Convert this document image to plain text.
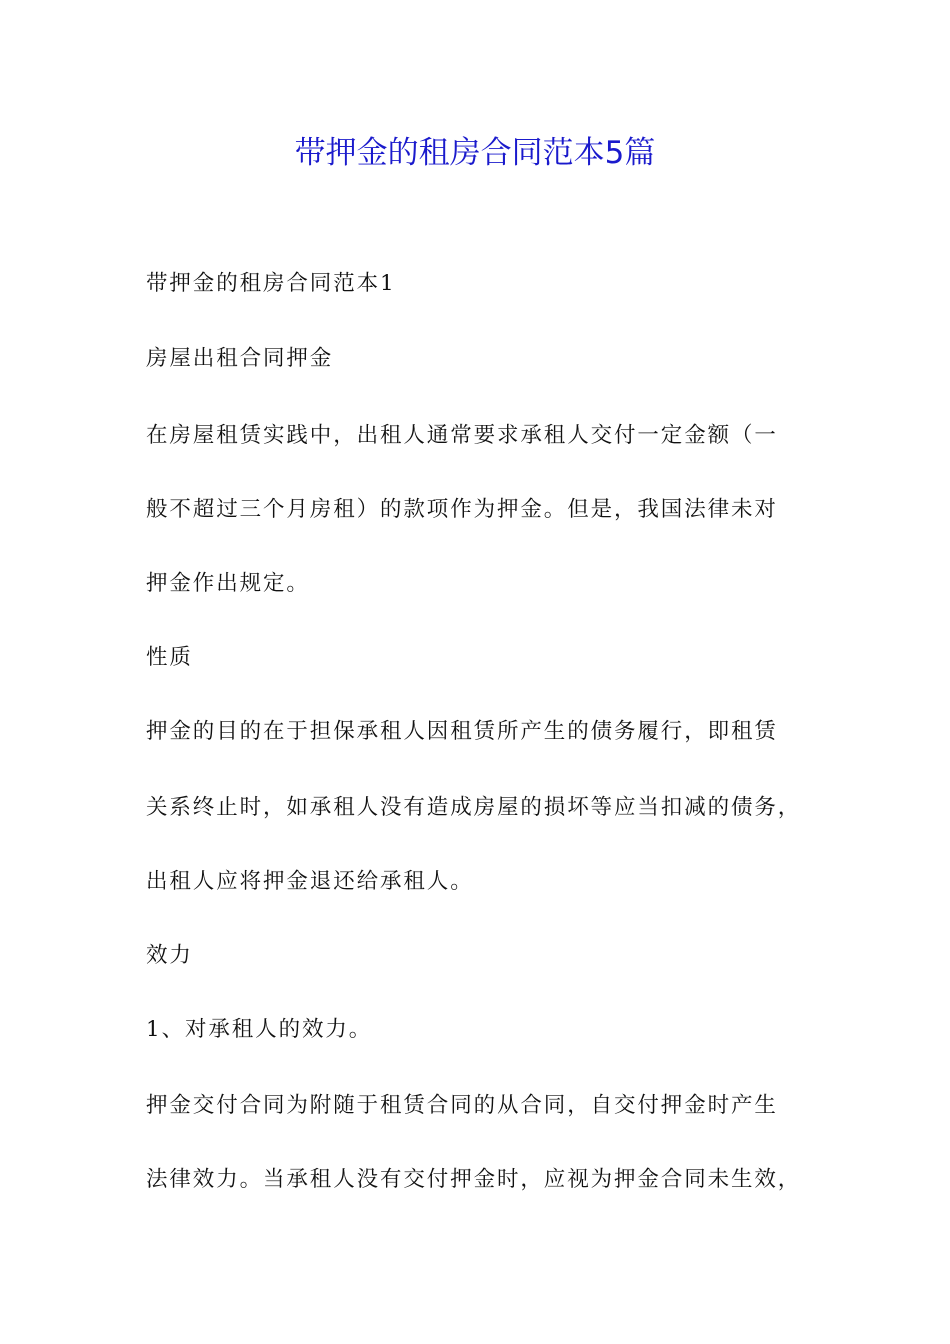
带押金的租房合同范本5篇
带押金的租房合同范本1
房屋出租合同押金
在房屋租赁实践中，出租人通常要求承租人交付一定金额（一
般不超过三个月房租）的款项作为押金。但是，我国法律未对
押金作出规定。
性质
押金的目的在于担保承租人因租赁所产生的债务履行，即租赁
关系终止时，如承租人没有造成房屋的损坏等应当扣减的债务，
出租人应将押金退还给承租人。
效力
1、对承租人的效力。
押金交付合同为附随于租赁合同的从合同，自交付押金时产生
法律效力。当承租人没有交付押金时，应视为押金合同未生效，
